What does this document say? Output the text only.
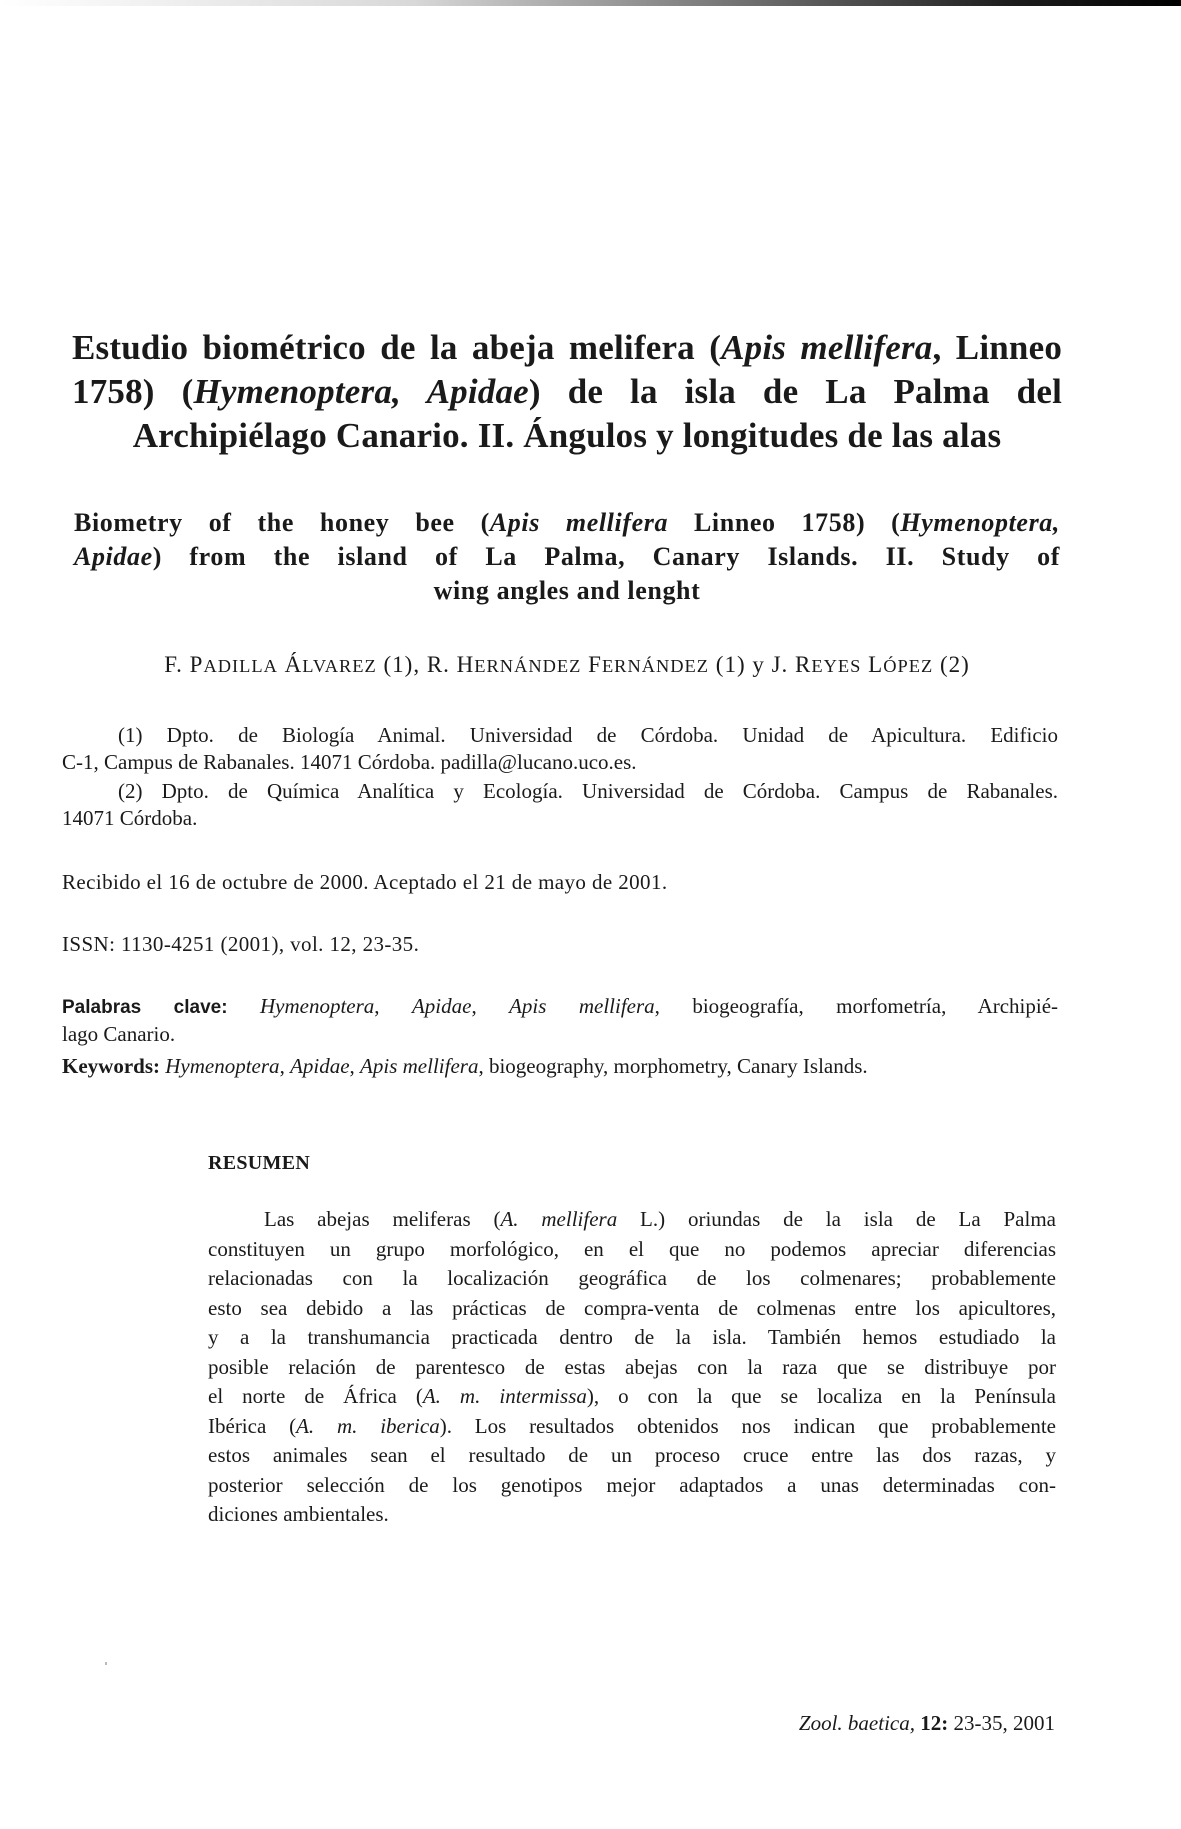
Estudio biométrico de la abeja melifera (Apis mellifera, Linneo
1758) (Hymenoptera, Apidae) de la isla de La Palma del
Archipiélago Canario. II. Ángulos y longitudes de las alas
Biometry of the honey bee (Apis mellifera Linneo 1758) (Hymenoptera,
Apidae) from the island of La Palma, Canary Islands. II. Study of
wing angles and lenght
F. PADILLA ÁLVAREZ (1), R. HERNÁNDEZ FERNÁNDEZ (1) y J. REYES LÓPEZ (2)
(1) Dpto. de Biología Animal. Universidad de Córdoba. Unidad de Apicultura. Edificio
C-1, Campus de Rabanales. 14071 Córdoba. padilla@lucano.uco.es.
(2) Dpto. de Química Analítica y Ecología. Universidad de Córdoba. Campus de Rabanales.
14071 Córdoba.
Recibido el 16 de octubre de 2000. Aceptado el 21 de mayo de 2001.
ISSN: 1130-4251 (2001), vol. 12, 23-35.
Palabras clave: Hymenoptera, Apidae, Apis mellifera, biogeografía, morfometría, Archipié-
lago Canario.
Keywords: Hymenoptera, Apidae, Apis mellifera, biogeography, morphometry, Canary Islands.
RESUMEN
Las abejas meliferas (A. mellifera L.) oriundas de la isla de La Palma
constituyen un grupo morfológico, en el que no podemos apreciar diferencias
relacionadas con la localización geográfica de los colmenares; probablemente
esto sea debido a las prácticas de compra-venta de colmenas entre los apicultores,
y a la transhumancia practicada dentro de la isla. También hemos estudiado la
posible relación de parentesco de estas abejas con la raza que se distribuye por
el norte de África (A. m. intermissa), o con la que se localiza en la Península
Ibérica (A. m. iberica). Los resultados obtenidos nos indican que probablemente
estos animales sean el resultado de un proceso cruce entre las dos razas, y
posterior selección de los genotipos mejor adaptados a unas determinadas con-
diciones ambientales.
Zool. baetica, 12: 23-35, 2001
